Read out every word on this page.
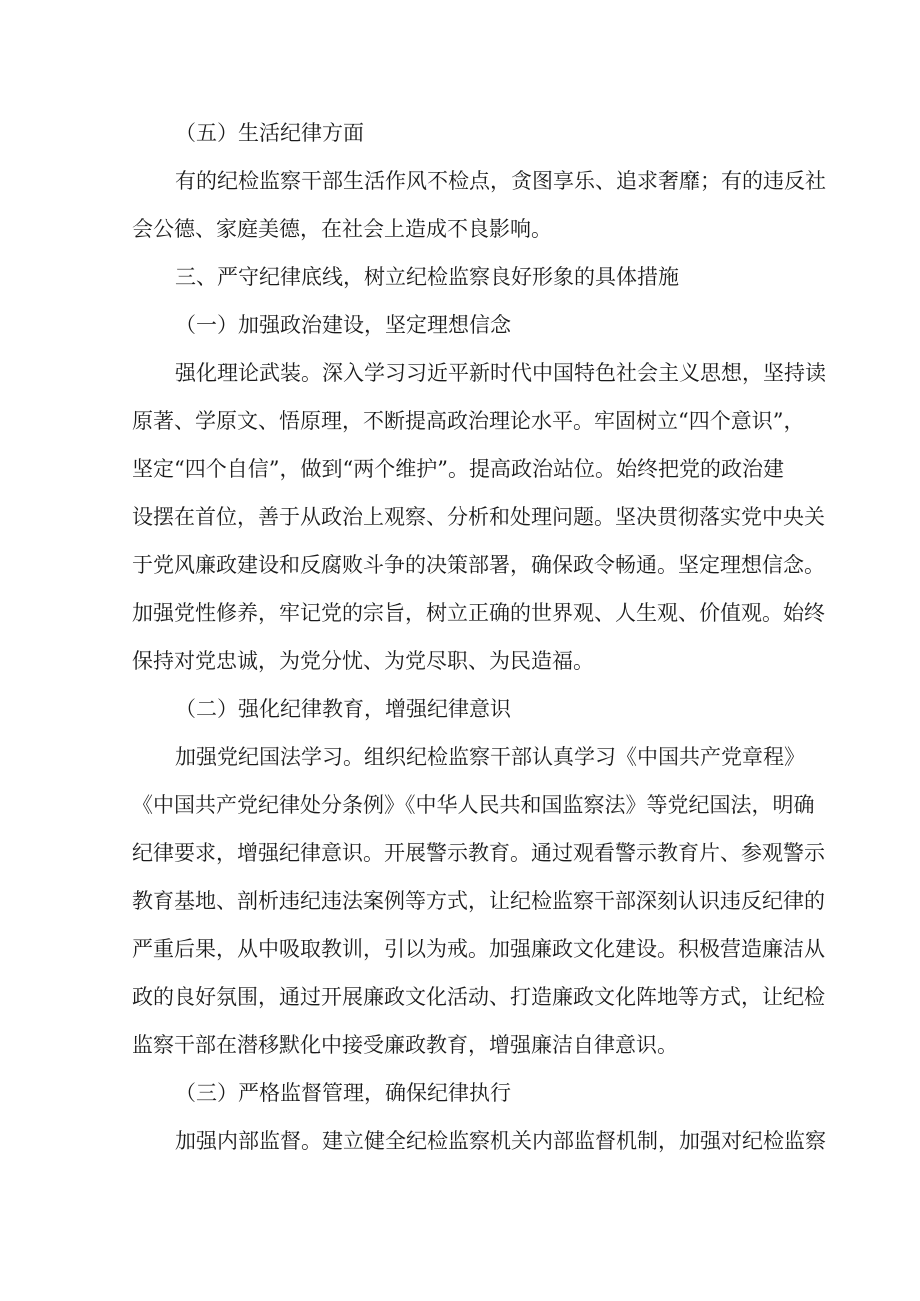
（五）生活纪律方面
有的纪检监察干部生活作风不检点，贪图享乐、追求奢靡；有的违反社
会公德、家庭美德，在社会上造成不良影响。
三、严守纪律底线，树立纪检监察良好形象的具体措施
（一）加强政治建设，坚定理想信念
强化理论武装。深入学习习近平新时代中国特色社会主义思想，坚持读
原著、学原文、悟原理，不断提高政治理论水平。牢固树立“四个意识”，
坚定“四个自信”，做到“两个维护”。提高政治站位。始终把党的政治建
设摆在首位，善于从政治上观察、分析和处理问题。坚决贯彻落实党中央关
于党风廉政建设和反腐败斗争的决策部署，确保政令畅通。坚定理想信念。
加强党性修养，牢记党的宗旨，树立正确的世界观、人生观、价值观。始终
保持对党忠诚，为党分忧、为党尽职、为民造福。
（二）强化纪律教育，增强纪律意识
加强党纪国法学习。组织纪检监察干部认真学习《中国共产党章程》
《中国共产党纪律处分条例》《中华人民共和国监察法》等党纪国法，明确
纪律要求，增强纪律意识。开展警示教育。通过观看警示教育片、参观警示
教育基地、剖析违纪违法案例等方式，让纪检监察干部深刻认识违反纪律的
严重后果，从中吸取教训，引以为戒。加强廉政文化建设。积极营造廉洁从
政的良好氛围，通过开展廉政文化活动、打造廉政文化阵地等方式，让纪检
监察干部在潜移默化中接受廉政教育，增强廉洁自律意识。
（三）严格监督管理，确保纪律执行
加强内部监督。建立健全纪检监察机关内部监督机制，加强对纪检监察
